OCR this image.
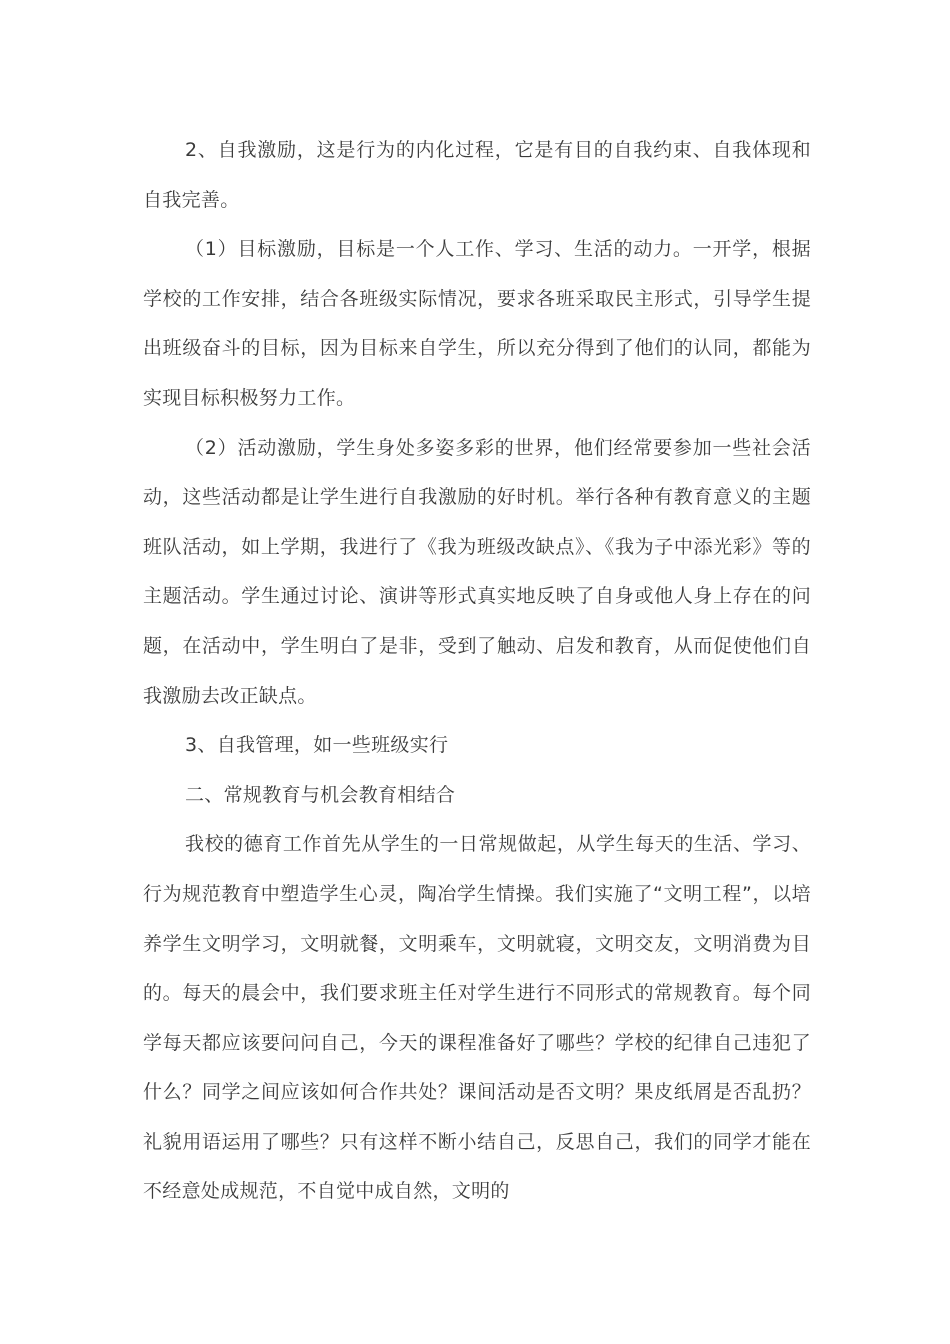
2、自我激励，这是行为的内化过程，它是有目的自我约束、自我体现和自我完善。

（1）目标激励，目标是一个人工作、学习、生活的动力。一开学，根据学校的工作安排，结合各班级实际情况，要求各班采取民主形式，引导学生提出班级奋斗的目标，因为目标来自学生，所以充分得到了他们的认同，都能为实现目标积极努力工作。

（2）活动激励，学生身处多姿多彩的世界，他们经常要参加一些社会活动，这些活动都是让学生进行自我激励的好时机。举行各种有教育意义的主题班队活动，如上学期，我进行了《我为班级改缺点》、《我为子中添光彩》等的主题活动。学生通过讨论、演讲等形式真实地反映了自身或他人身上存在的问题，在活动中，学生明白了是非，受到了触动、启发和教育，从而促使他们自我激励去改正缺点。

3、自我管理，如一些班级实行

二、常规教育与机会教育相结合

我校的德育工作首先从学生的一日常规做起，从学生每天的生活、学习、行为规范教育中塑造学生心灵，陶冶学生情操。我们实施了“文明工程”，以培养学生文明学习，文明就餐，文明乘车，文明就寝，文明交友，文明消费为目的。每天的晨会中，我们要求班主任对学生进行不同形式的常规教育。每个同学每天都应该要问问自己，今天的课程准备好了哪些？学校的纪律自己违犯了什么？同学之间应该如何合作共处？课间活动是否文明？果皮纸屑是否乱扔？礼貌用语运用了哪些？只有这样不断小结自己，反思自己，我们的同学才能在不经意处成规范，不自觉中成自然，文明的
